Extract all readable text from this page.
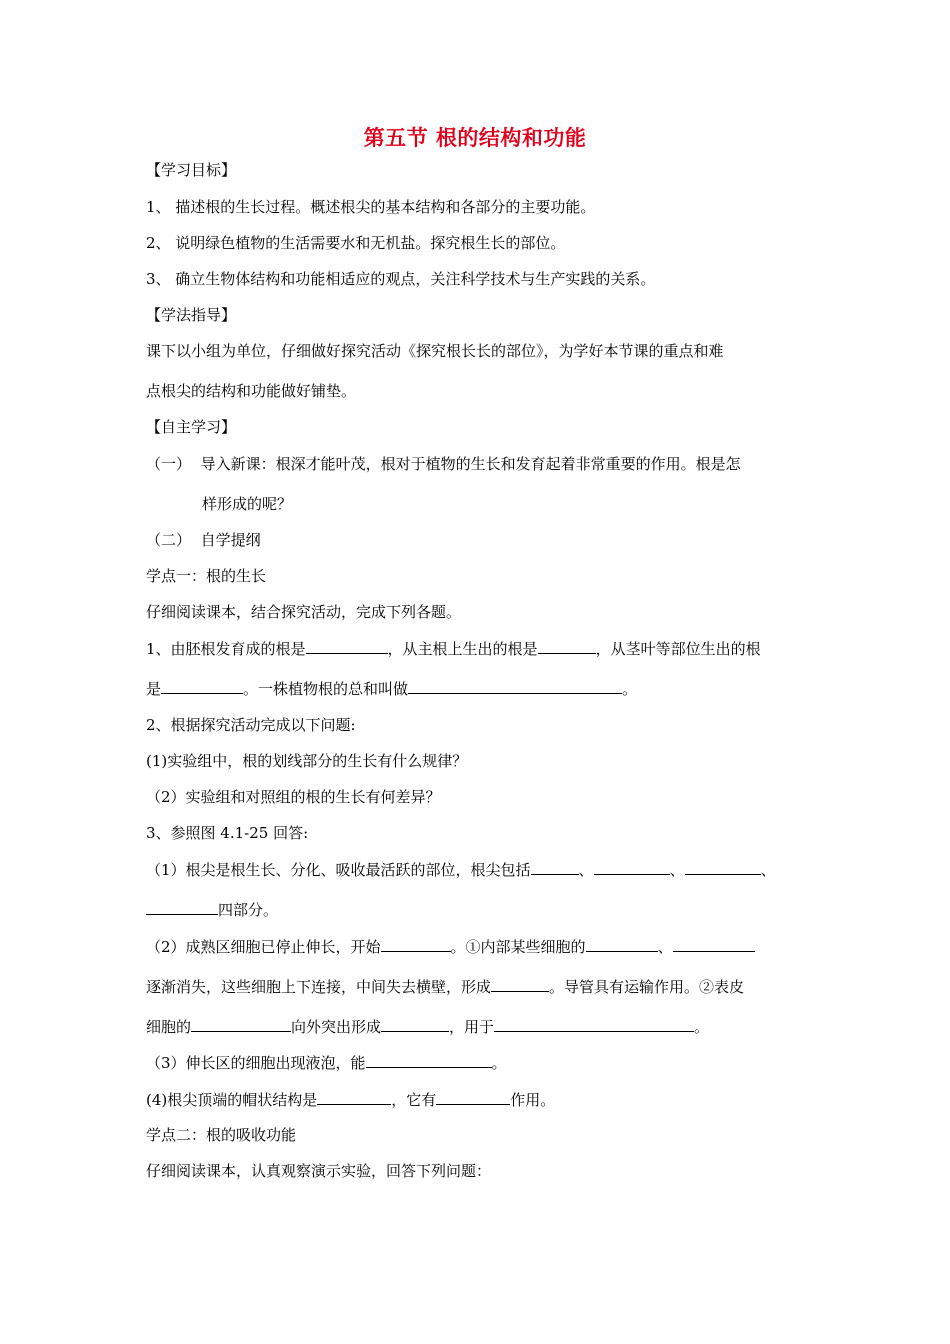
第五节 根的结构和功能
【学习目标】
1、 描述根的生长过程。概述根尖的基本结构和各部分的主要功能。
2、 说明绿色植物的生活需要水和无机盐。探究根生长的部位。
3、 确立生物体结构和功能相适应的观点，关注科学技术与生产实践的关系。
【学法指导】
课下以小组为单位，仔细做好探究活动《探究根长长的部位》，为学好本节课的重点和难
点根尖的结构和功能做好铺垫。
【自主学习】
（一） 导入新课：根深才能叶茂，根对于植物的生长和发育起着非常重要的作用。根是怎
样形成的呢？
（二） 自学提纲
学点一：根的生长
仔细阅读课本，结合探究活动，完成下列各题。
1、由胚根发育成的根是	，从主根上生出的根是	，从茎叶等部位生出的根
是	。一株植物根的总和叫做	。
2、根据探究活动完成以下问题:
(1)实验组中，根的划线部分的生长有什么规律？
（2）实验组和对照组的根的生长有何差异？
3、参照图 4.1-25 回答:
（1）根尖是根生长、分化、吸收最活跃的部位，根尖包括	、	、	、
四部分。
（2）成熟区细胞已停止伸长，开始	。①内部某些细胞的	、
逐渐消失，这些细胞上下连接，中间失去横壁，形成	。导管具有运输作用。②表皮
细胞的	向外突出形成	，用于	。
（3）伸长区的细胞出现液泡，能	。
(4)根尖顶端的帽状结构是	，它有	作用。
学点二：根的吸收功能
仔细阅读课本，认真观察演示实验，回答下列问题：
